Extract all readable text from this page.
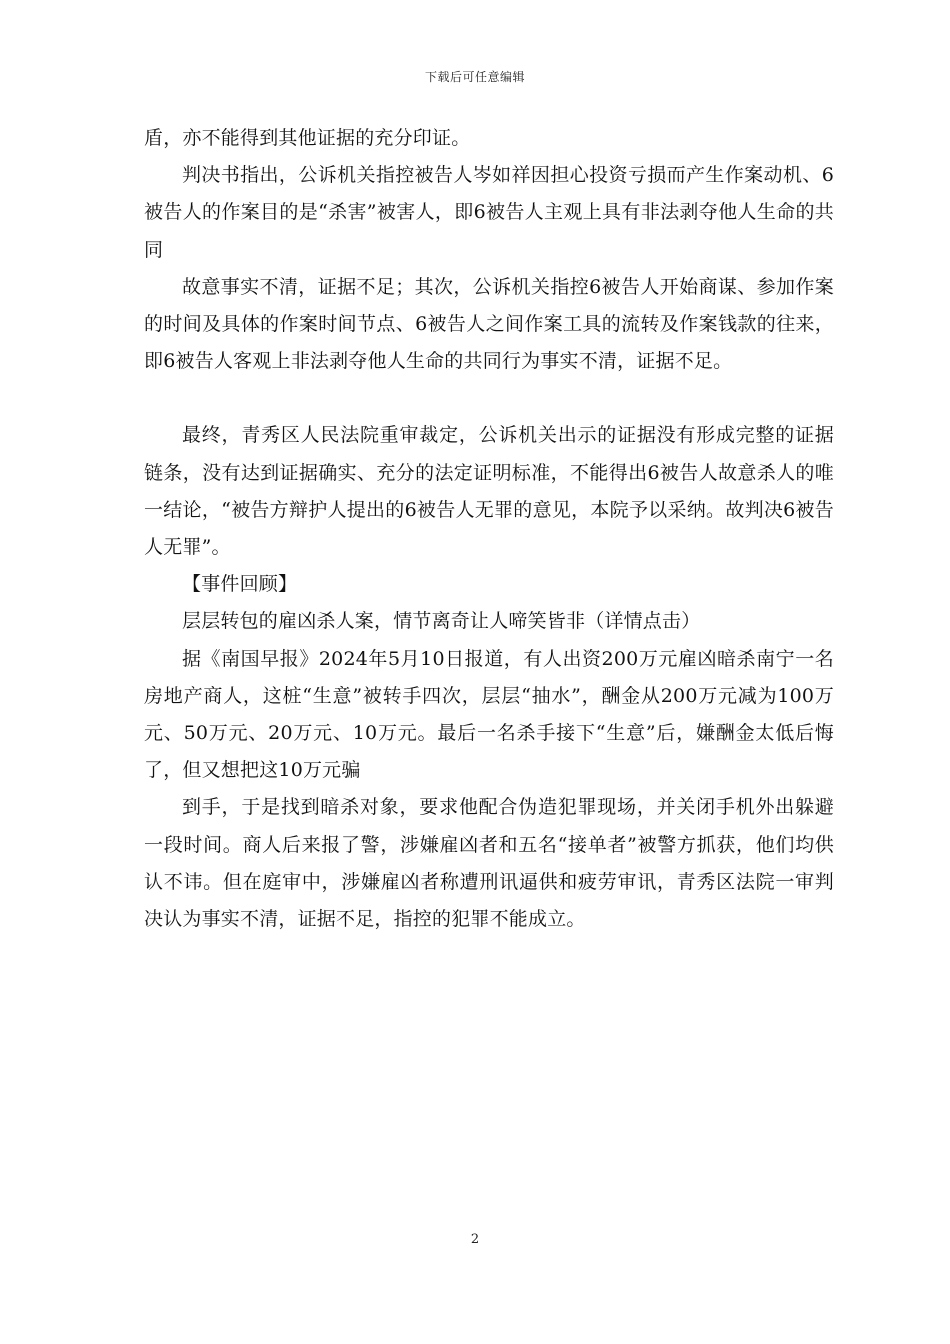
下载后可任意编辑

盾，亦不能得到其他证据的充分印证。

判决书指出，公诉机关指控被告人岑如祥因担心投资亏损而产生作案动机、6被告人的作案目的是“杀害”被害人，即6被告人主观上具有非法剥夺他人生命的共同

故意事实不清，证据不足；其次，公诉机关指控6被告人开始商谋、参加作案的时间及具体的作案时间节点、6被告人之间作案工具的流转及作案钱款的往来，即6被告人客观上非法剥夺他人生命的共同行为事实不清，证据不足。

最终，青秀区人民法院重审裁定，公诉机关出示的证据没有形成完整的证据链条，没有达到证据确实、充分的法定证明标准，不能得出6被告人故意杀人的唯一结论，“被告方辩护人提出的6被告人无罪的意见，本院予以采纳。故判决6被告人无罪”。

【事件回顾】

层层转包的雇凶杀人案，情节离奇让人啼笑皆非（详情点击）

据《南国早报》2024年5月10日报道，有人出资200万元雇凶暗杀南宁一名房地产商人，这桩“生意”被转手四次，层层“抽水”，酬金从200万元减为100万元、50万元、20万元、10万元。最后一名杀手接下“生意”后，嫌酬金太低后悔了，但又想把这10万元骗

到手，于是找到暗杀对象，要求他配合伪造犯罪现场，并关闭手机外出躲避一段时间。商人后来报了警，涉嫌雇凶者和五名“接单者”被警方抓获，他们均供认不讳。但在庭审中，涉嫌雇凶者称遭刑讯逼供和疲劳审讯，青秀区法院一审判决认为事实不清，证据不足，指控的犯罪不能成立。

2
